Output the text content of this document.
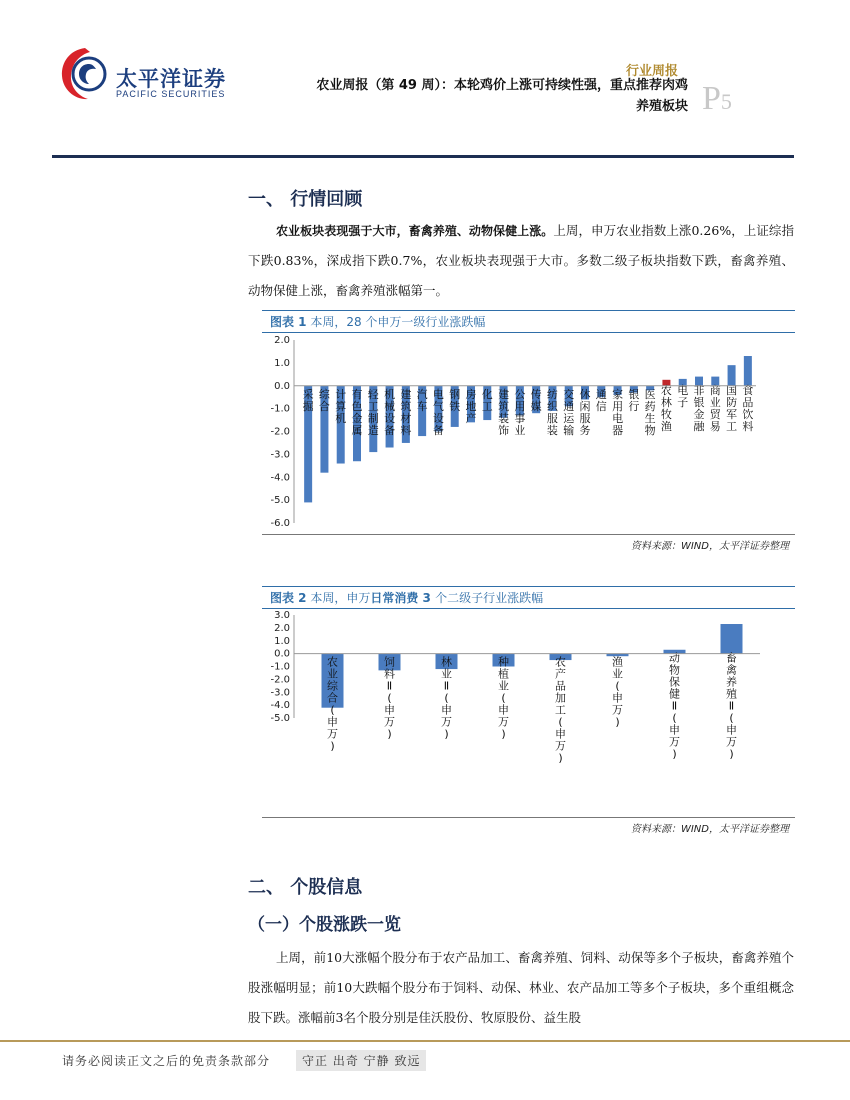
太平洋证券
PACIFIC SECURITIES
行业周报
农业周报（第 49 周）：本轮鸡价上涨可持续性强，重点推荐肉鸡
养殖板块 P5
一、 行情回顾
农业板块表现强于大市，畜禽养殖、动物保健上涨。上周，申万农业指数上涨0.26%，上证综指下跌0.83%，深成指下跌0.7%，农业板块表现强于大市。多数二级子板块指数下跌，畜禽养殖、动物保健上涨，畜禽养殖涨幅第一。
图表 1 本周，28 个申万一级行业涨跌幅
2.0
1.0
0.0
-1.0
-2.0
-3.0
-4.0
-5.0
-6.0
采掘
综合
计算机
有色金属
轻工制造
机械设备
建筑材料
汽车
电气设备
钢铁
房地产
化工
建筑装饰
公用事业
传媒
纺织服装
交通运输
休闲服务
通信
家用电器
银行
医药生物
农林牧渔
电子
非银金融
商业贸易
国防军工
食品饮料
资料来源：WIND，太平洋证券整理
图表 2 本周，申万日常消费 3 个二级子行业涨跌幅
3.0
2.0
1.0
0.0
-1.0
-2.0
-3.0
-4.0
-5.0
农业综合(申万)
饲料 Ⅱ (申万)
林业 Ⅱ (申万)
种植业(申万)
农产品加工(申万)
渔业(申万)
动物保健 Ⅱ (申万)
畜禽养殖 Ⅱ (申万)
资料来源：WIND，太平洋证券整理
二、 个股信息
（一）个股涨跌一览
上周，前10大涨幅个股分布于农产品加工、畜禽养殖、饲料、动保等多个子板块，畜禽养殖个股涨幅明显；前10大跌幅个股分布于饲料、动保、林业、农产品加工等多个子板块，多个重组概念股下跌。涨幅前3名个股分别是佳沃股份、牧原股份、益生股
请务必阅读正文之后的免责条款部分	守正 出奇 宁静 致远
